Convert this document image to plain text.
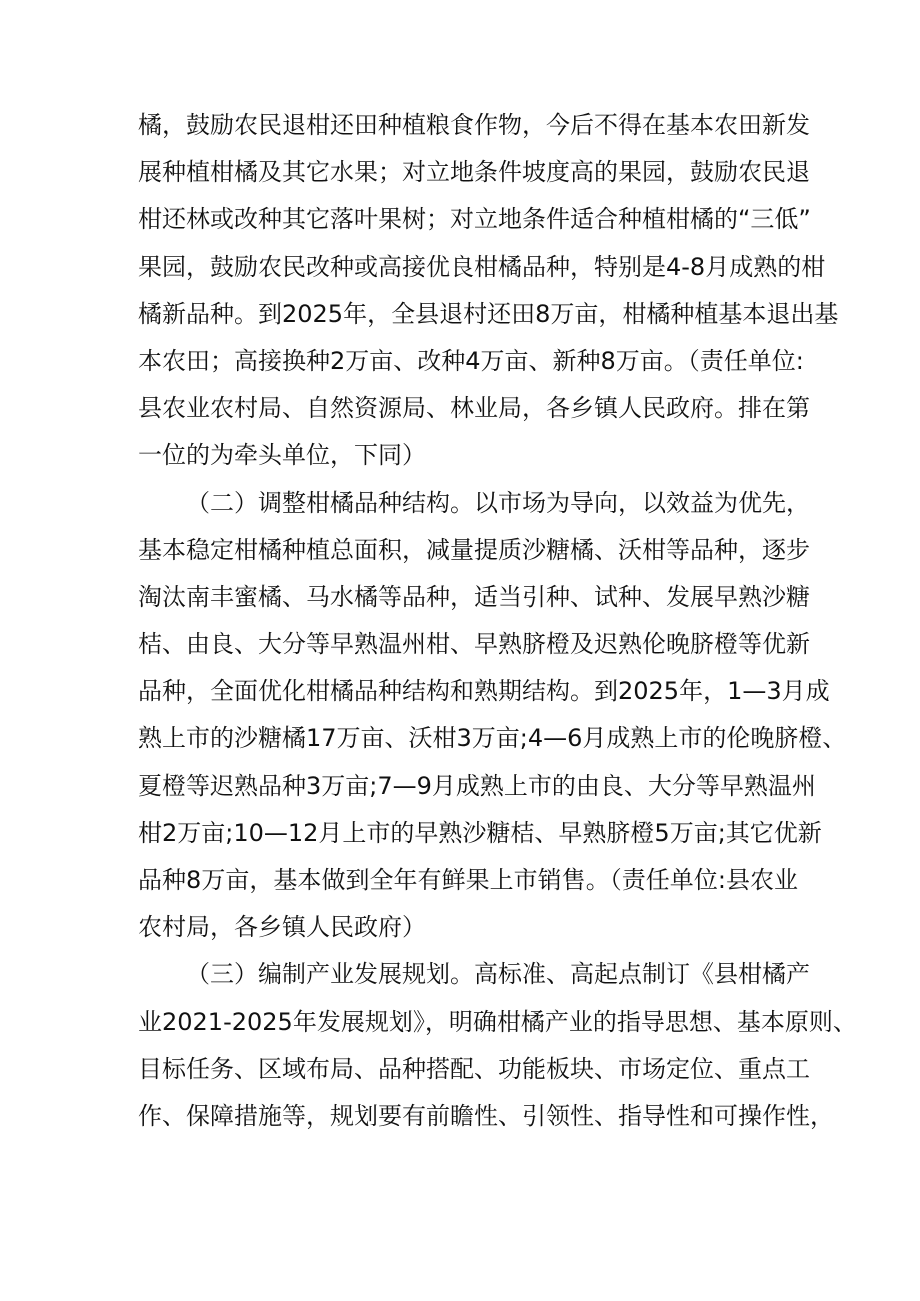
橘，鼓励农民退柑还田种植粮食作物，今后不得在基本农田新发
展种植柑橘及其它水果；对立地条件坡度高的果园，鼓励农民退
柑还林或改种其它落叶果树；对立地条件适合种植柑橘的“三低”
果园，鼓励农民改种或高接优良柑橘品种，特别是4-8月成熟的柑
橘新品种。到2025年，全县退村还田8万亩，柑橘种植基本退出基
本农田；高接换种2万亩、改种4万亩、新种8万亩。（责任单位:
县农业农村局、自然资源局、林业局，各乡镇人民政府。排在第
一位的为牵头单位，下同）
（二）调整柑橘品种结构。以市场为导向，以效益为优先，
基本稳定柑橘种植总面积，减量提质沙糖橘、沃柑等品种，逐步
淘汰南丰蜜橘、马水橘等品种，适当引种、试种、发展早熟沙糖
桔、由良、大分等早熟温州柑、早熟脐橙及迟熟伦晚脐橙等优新
品种，全面优化柑橘品种结构和熟期结构。到2025年，1—3月成
熟上市的沙糖橘17万亩、沃柑3万亩;4—6月成熟上市的伦晚脐橙、
夏橙等迟熟品种3万亩;7—9月成熟上市的由良、大分等早熟温州
柑2万亩;10—12月上市的早熟沙糖桔、早熟脐橙5万亩;其它优新
品种8万亩，基本做到全年有鲜果上市销售。（责任单位:县农业
农村局，各乡镇人民政府）
（三）编制产业发展规划。高标准、高起点制订《县柑橘产
业2021-2025年发展规划》，明确柑橘产业的指导思想、基本原则、
目标任务、区域布局、品种搭配、功能板块、市场定位、重点工
作、保障措施等，规划要有前瞻性、引领性、指导性和可操作性，
